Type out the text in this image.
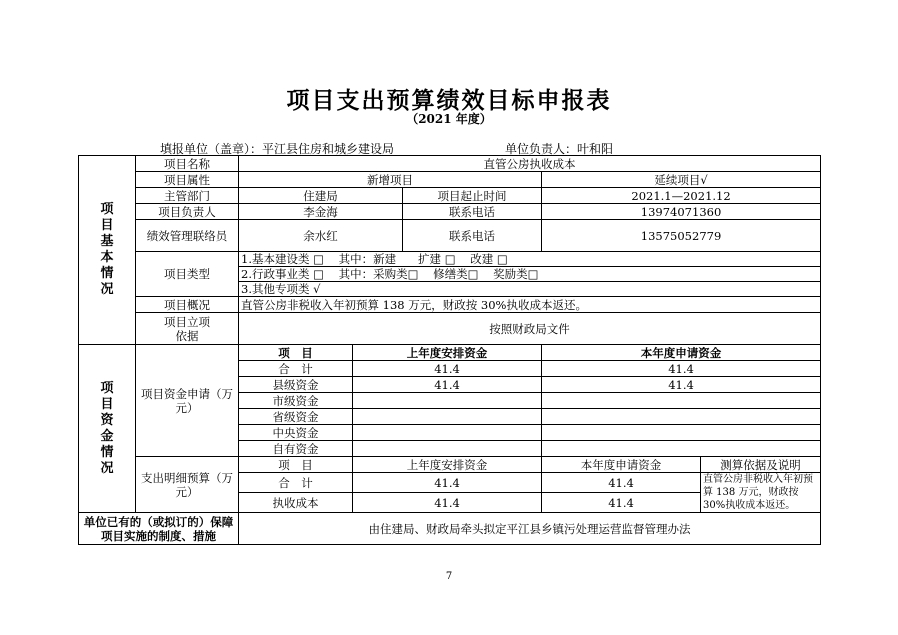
项目支出预算绩效目标申报表
（2021 年度）
填报单位（盖章）：平江县住房和城乡建设局	单位负责人：叶和阳
项目基本情况	项目名称	直管公房执收成本				
	项目属性	新增项目			延续项目√	
	主管部门	住建局		项目起止时间	2021.1—2021.12	
	项目负责人	李金海		联系电话	13974071360	
	绩效管理联络员	余水红		联系电话	13575052779	
	项目类型	1.基本建设类 □    其中：新建      扩建 □    改建 □				
		2.行政事业类 □    其中：采购类□    修缮类□    奖励类□				
		3.其他专项类 √				
	项目概况	直管公房非税收入年初预算 138 万元，财政按 30%执收成本返还。				
	项目立项依据	按照财政局文件				
项目资金情况	项目资金申请（万元）	项　目	上年度安排资金		本年度申请资金	
		合　计	41.4		41.4	
		县级资金	41.4		41.4	
		市级资金				
		省级资金				
		中央资金				
		自有资金				
	支出明细预算（万元）	项　目	上年度安排资金		本年度申请资金	测算依据及说明
		合　计	41.4		41.4	直管公房非税收入年初预算 138 万元，财政按 30%执收成本返还。
		执收成本	41.4		41.4	
单位已有的（或拟订的）保障项目实施的制度、措施		由住建局、财政局牵头拟定平江县乡镇污处理运营监督管理办法				
7
